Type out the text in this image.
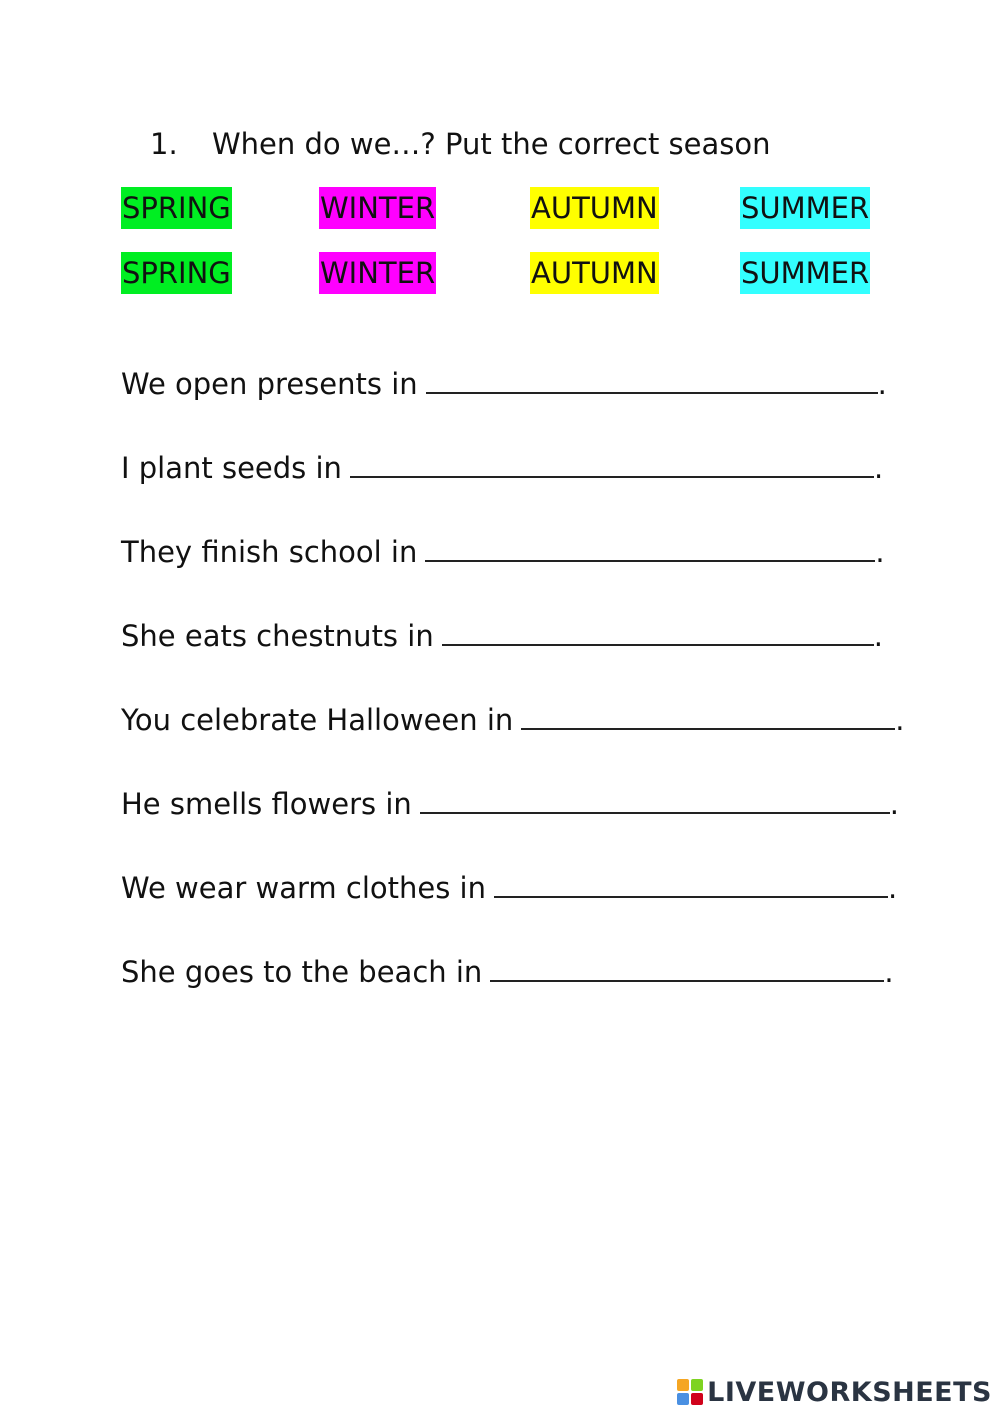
1. When do we…? Put the correct season
SPRING	WINTER	AUTUMN	SUMMER
SPRING	WINTER	AUTUMN	SUMMER
We open presents in	.
I plant seeds in	.
They finish school in	.
She eats chestnuts in	.
You celebrate Halloween in	.
He smells flowers in	.
We wear warm clothes in	.
She goes to the beach in	.
LIVEWORKSHEETS
